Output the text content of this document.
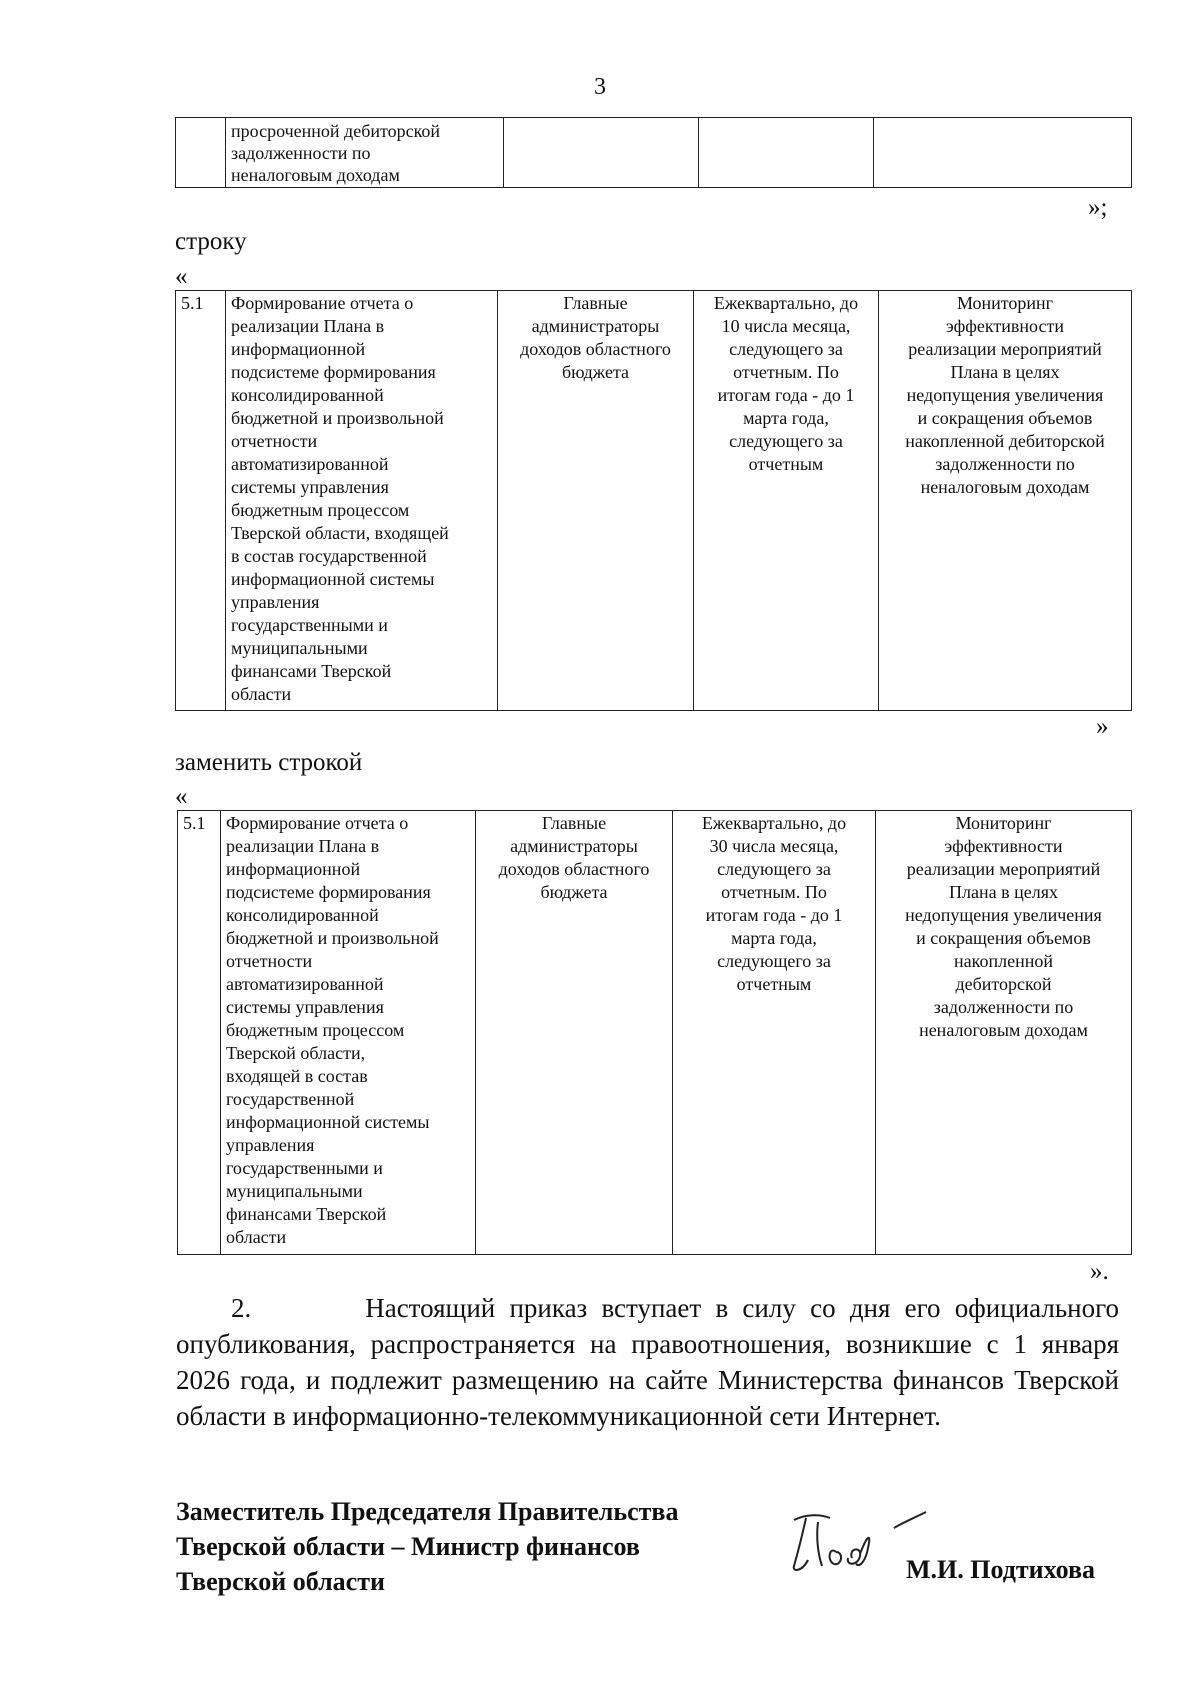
3
	просроченной дебиторской
задолженности по
неналоговым доходам			
»;
строку
«
5.1	Формирование отчета о
реализации Плана в
информационной
подсистеме формирования
консолидированной
бюджетной и произвольной
отчетности
автоматизированной
системы управления
бюджетным процессом
Тверской области, входящей
в состав государственной
информационной системы
управления
государственными и
муниципальными
финансами Тверской
области	Главные
администраторы
доходов областного
бюджета	Ежеквартально, до
10 числа месяца,
следующего за
отчетным. По
итогам года - до 1
марта года,
следующего за
отчетным	Мониторинг
эффективности
реализации мероприятий
Плана в целях
недопущения увеличения
и сокращения объемов
накопленной дебиторской
задолженности по
неналоговым доходам
»
заменить строкой
«
5.1	Формирование отчета о
реализации Плана в
информационной
подсистеме формирования
консолидированной
бюджетной и произвольной
отчетности
автоматизированной
системы управления
бюджетным процессом
Тверской области,
входящей в состав
государственной
информационной системы
управления
государственными и
муниципальными
финансами Тверской
области	Главные
администраторы
доходов областного
бюджета	Ежеквартально, до
30 числа месяца,
следующего за
отчетным. По
итогам года - до 1
марта года,
следующего за
отчетным	Мониторинг
эффективности
реализации мероприятий
Плана в целях
недопущения увеличения
и сокращения объемов
накопленной
дебиторской
задолженности по
неналоговым доходам
».
2.        Настоящий приказ вступает в силу со дня его официального опубликования, распространяется на правоотношения, возникшие с 1 января 2026 года, и подлежит размещению на сайте Министерства финансов Тверской области в информационно-телекоммуникационной сети Интернет.
Заместитель Председателя Правительства
Тверской области – Министр финансов
Тверской области	М.И. Подтихова
